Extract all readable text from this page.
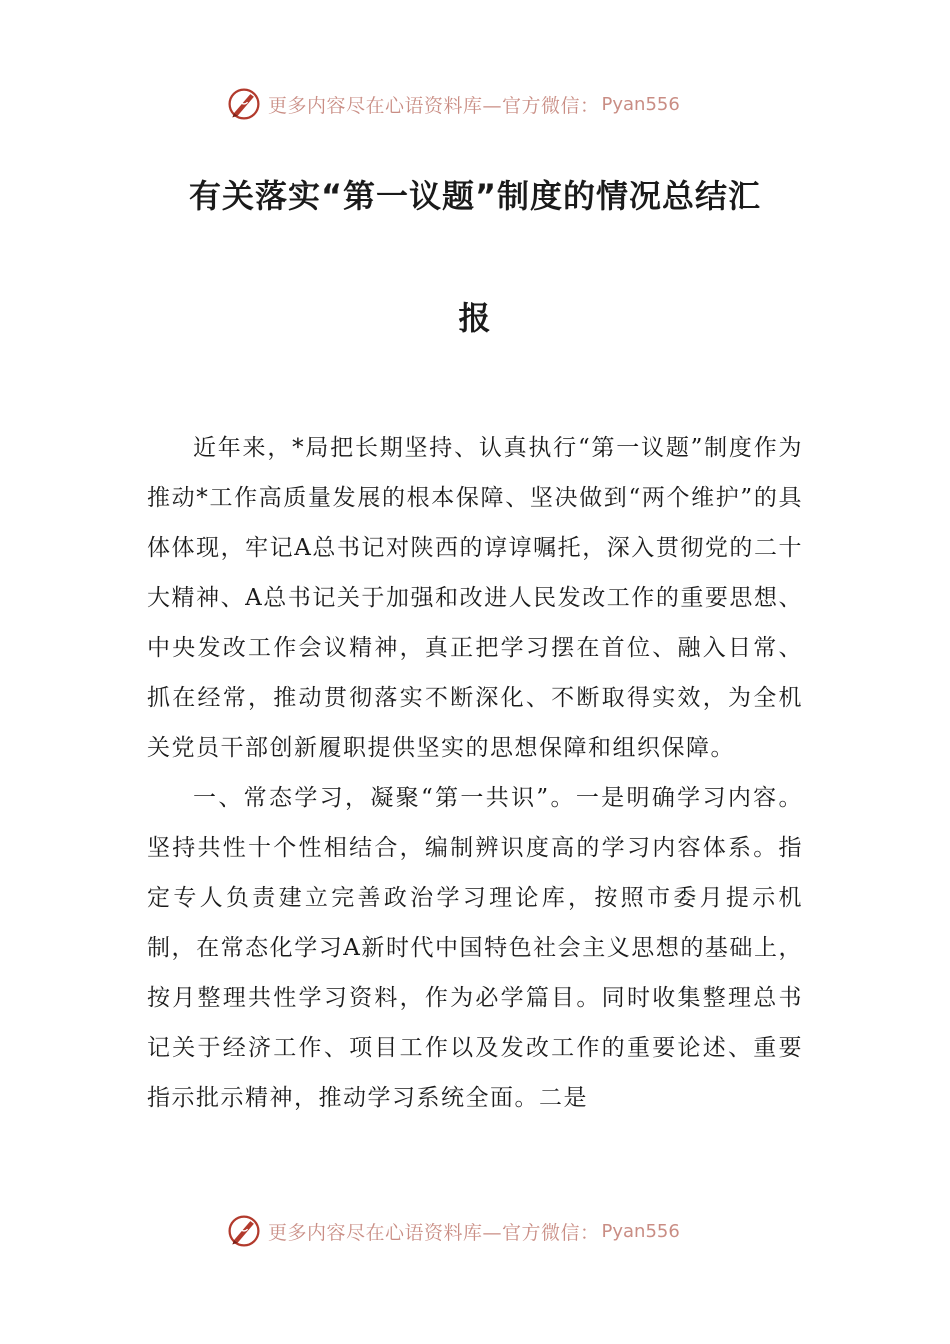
更多内容尽在心语资料库—官方微信： Pyan556
有关落实“第一议题”制度的情况总结汇
报

近年来，*局把长期坚持、认真执行“第一议题”制度作为推动*工作高质量发展的根本保障、坚决做到“两个维护”的具体体现，牢记A总书记对陕西的谆谆嘱托，深入贯彻党的二十大精神、A总书记关于加强和改进人民发改工作的重要思想、中央发改工作会议精神，真正把学习摆在首位、融入日常、抓在经常，推动贯彻落实不断深化、不断取得实效，为全机关党员干部创新履职提供坚实的思想保障和组织保障。

一、常态学习，凝聚“第一共识”。一是明确学习内容。坚持共性十个性相结合，编制辨识度高的学习内容体系。指定专人负责建立完善政治学习理论库，按照市委月提示机制，在常态化学习A新时代中国特色社会主义思想的基础上，按月整理共性学习资料，作为必学篇目。同时收集整理总书记关于经济工作、项目工作以及发改工作的重要论述、重要指示批示精神，推动学习系统全面。二是

更多内容尽在心语资料库—官方微信： Pyan556
